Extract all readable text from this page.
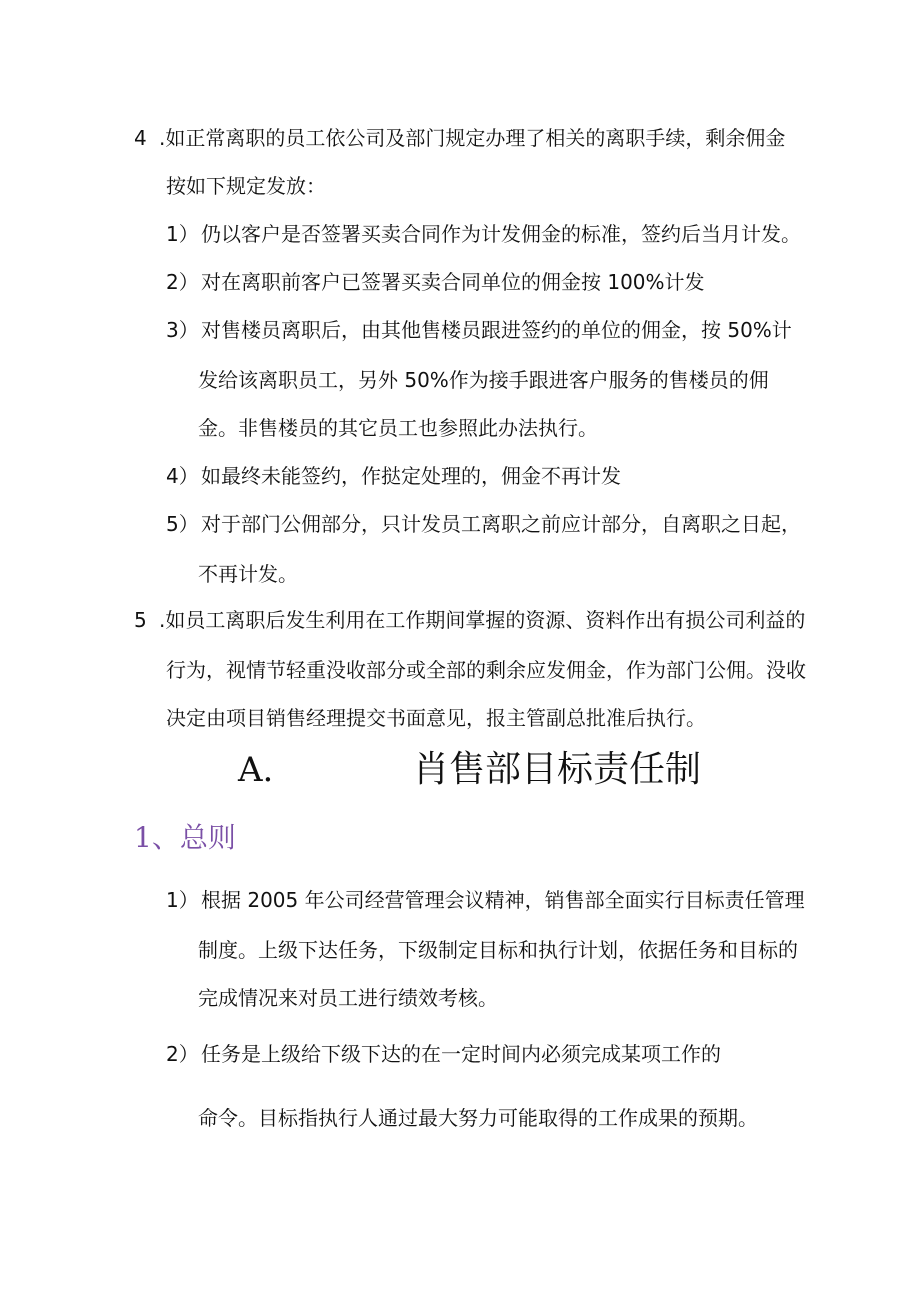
4 .如正常离职的员工依公司及部门规定办理了相关的离职手续，剩余佣金
按如下规定发放：
1） 仍以客户是否签署买卖合同作为计发佣金的标准，签约后当月计发。
2） 对在离职前客户已签署买卖合同单位的佣金按 100%计发
3） 对售楼员离职后，由其他售楼员跟进签约的单位的佣金，按 50%计
发给该离职员工，另外 50%作为接手跟进客户服务的售楼员的佣
金。非售楼员的其它员工也参照此办法执行。
4） 如最终未能签约，作挞定处理的，佣金不再计发
5） 对于部门公佣部分，只计发员工离职之前应计部分，自离职之日起，
不再计发。
5 .如员工离职后发生利用在工作期间掌握的资源、资料作出有损公司利益的
行为，视情节轻重没收部分或全部的剩余应发佣金，作为部门公佣。没收
决定由项目销售经理提交书面意见，报主管副总批准后执行。
A.	肖售部目标责任制
1、总则
1） 根据 2005 年公司经营管理会议精神，销售部全面实行目标责任管理
制度。上级下达任务，下级制定目标和执行计划，依据任务和目标的
完成情况来对员工进行绩效考核。
2） 任务是上级给下级下达的在一定时间内必须完成某项工作的
命令。目标指执行人通过最大努力可能取得的工作成果的预期。
